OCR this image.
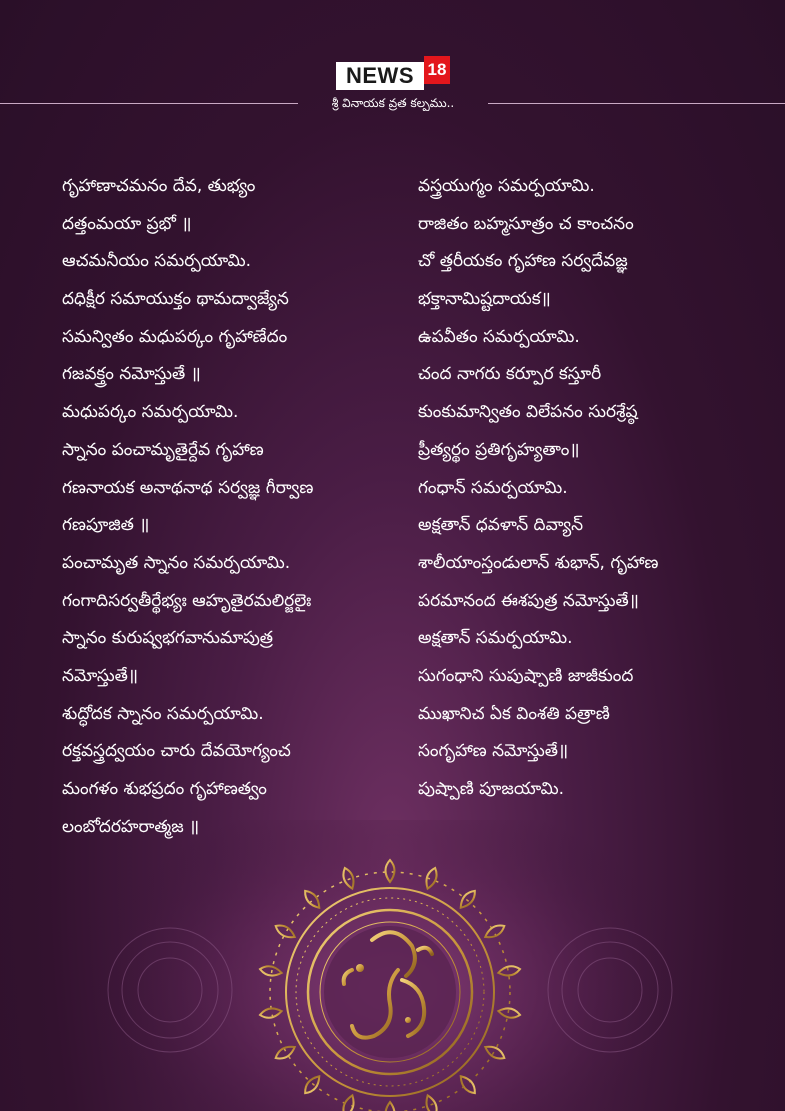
NEWS 18
శ్రీ వినాయక వ్రత కల్పము..
గృహాణాచమనం దేవ, తుభ్యం
దత్తంమయా ప్రభో ॥
ఆచమనీయం సమర్పయామి.
దధిక్షీర సమాయుక్తం థామద్వాజ్యేన
సమన్వితం మధుపర్కం గృహాణేదం
గజవక్త్రం నమోస్తుతే ॥
మధుపర్కం సమర్పయామి.
స్నానం పంచామృతైర్దేవ గృహాణ
గణనాయక అనాథనాథ సర్వజ్ఞ గీర్వాణ
గణపూజిత ॥
పంచామృత స్నానం సమర్పయామి.
గంగాదిసర్వతీర్థేభ్యః ఆహృతైరమలిర్జలైః
స్నానం కురుష్వభగవానుమాపుత్ర
నమోస్తుతే॥
శుద్ధోదక స్నానం సమర్పయామి.
రక్తవస్త్రద్వయం చారు దేవయోగ్యంచ
మంగళం శుభప్రదం గృహాణత్వం
లంబోదరహరాత్మజ ॥
వస్త్రయుగ్మం సమర్పయామి.
రాజితం బహ్మసూత్రం చ కాంచనం
చో త్తరీయకం గృహాణ సర్వదేవజ్ఞ
భక్తానామిష్టదాయక॥
ఉపవీతం సమర్పయామి.
చంద నాగరు కర్పూర కస్తూరీ
కుంకుమాన్వితం విలేపనం సురశ్రేష్ఠ
ప్రీత్యర్థం ప్రతిగృహ్యతాం॥
గంధాన్ సమర్పయామి.
అక్షతాన్ ధవళాన్ దివ్యాన్
శాలీయాంస్తండులాన్ శుభాన్, గృహాణ
పరమానంద ఈశపుత్ర నమోస్తుతే॥
అక్షతాన్ సమర్పయామి.
సుగంధాని సుపుష్పాణి జాజీకుంద
ముఖానిచ ఏక వింశతి పత్రాణి
సంగృహాణ నమోస్తుతే॥
పుష్పాణి పూజయామి.
